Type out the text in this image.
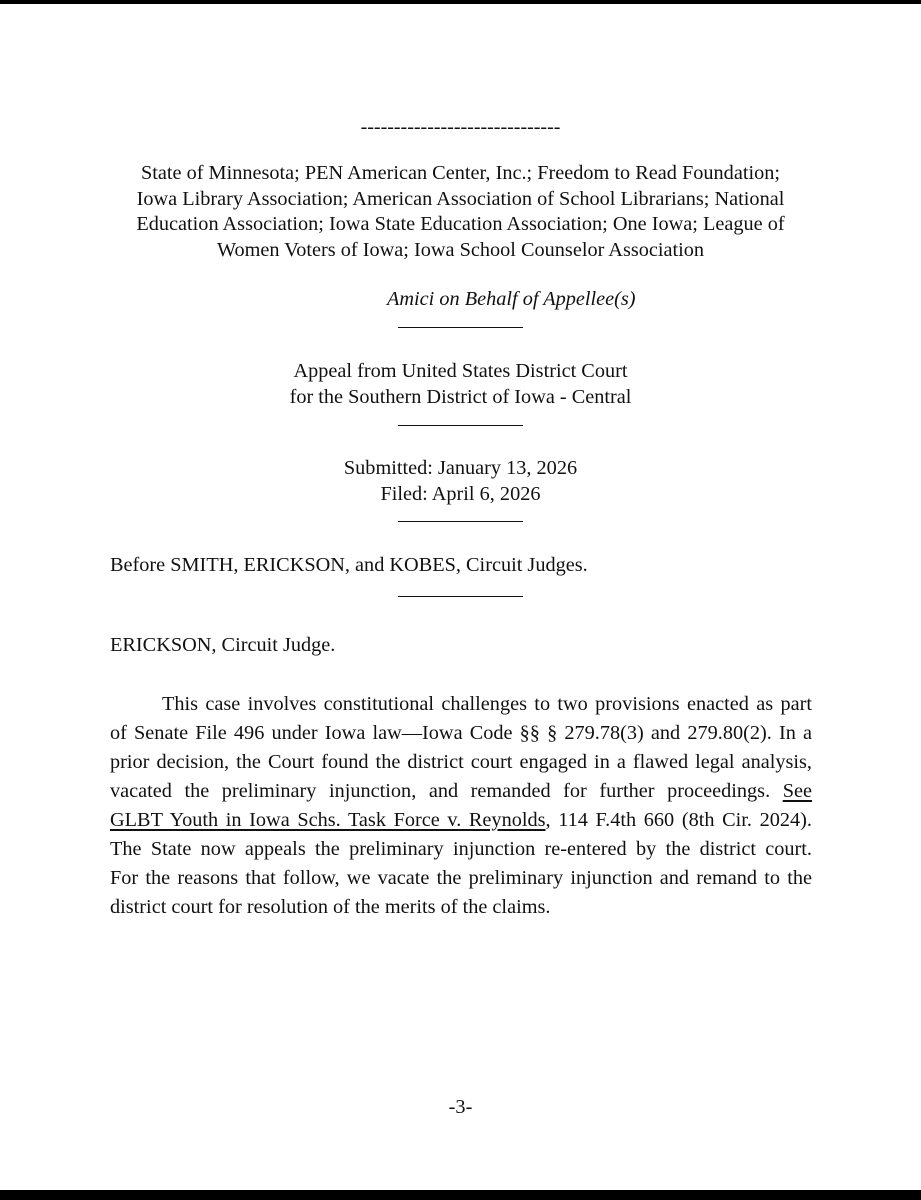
------------------------------
State of Minnesota; PEN American Center, Inc.; Freedom to Read Foundation;
Iowa Library Association; American Association of School Librarians; National
Education Association; Iowa State Education Association; One Iowa; League of
Women Voters of Iowa; Iowa School Counselor Association
Amici on Behalf of Appellee(s)
Appeal from United States District Court
for the Southern District of Iowa - Central
Submitted: January 13, 2026
Filed: April 6, 2026
Before SMITH, ERICKSON, and KOBES, Circuit Judges.
ERICKSON, Circuit Judge.
This case involves constitutional challenges to two provisions enacted as part
of Senate File 496 under Iowa law—Iowa Code §§ § 279.78(3) and 279.80(2). In a
prior decision, the Court found the district court engaged in a flawed legal analysis,
vacated the preliminary injunction, and remanded for further proceedings. See
GLBT Youth in Iowa Schs. Task Force v. Reynolds, 114 F.4th 660 (8th Cir. 2024).
The State now appeals the preliminary injunction re-entered by the district court.
For the reasons that follow, we vacate the preliminary injunction and remand to the
district court for resolution of the merits of the claims.
-3-
